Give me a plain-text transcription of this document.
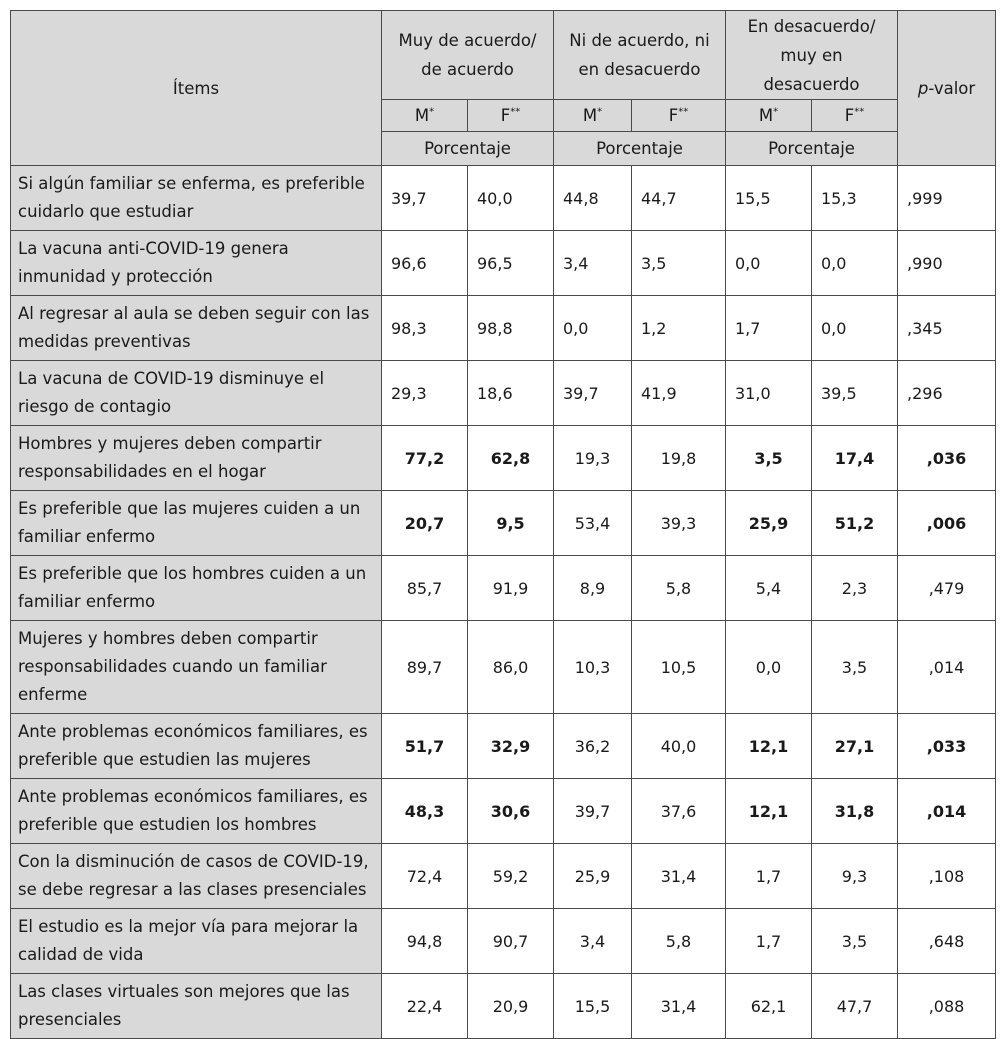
Ítems	Muy de acuerdo/ de acuerdo		Ni de acuerdo, ni en desacuerdo		En desacuerdo/ muy en desacuerdo		p-valor
	M*	F**	M*	F**	M*	F**
	Porcentaje		Porcentaje		Porcentaje		
Si algún familiar se enferma, es preferible cuidarlo que estudiar	39,7	40,0	44,8	44,7	15,5	15,3	,999
La vacuna anti-COVID-19 genera inmunidad y protección	96,6	96,5	3,4	3,5	0,0	0,0	,990
Al regresar al aula se deben seguir con las medidas preventivas	98,3	98,8	0,0	1,2	1,7	0,0	,345
La vacuna de COVID-19 disminuye el riesgo de contagio	29,3	18,6	39,7	41,9	31,0	39,5	,296
Hombres y mujeres deben compartir responsabilidades en el hogar	77,2	62,8	19,3	19,8	3,5	17,4	,036
Es preferible que las mujeres cuiden a un familiar enfermo	20,7	9,5	53,4	39,3	25,9	51,2	,006
Es preferible que los hombres cuiden a un familiar enfermo	85,7	91,9	8,9	5,8	5,4	2,3	,479
Mujeres y hombres deben compartir responsabilidades cuando un familiar enferme	89,7	86,0	10,3	10,5	0,0	3,5	,014
Ante problemas económicos familiares, es preferible que estudien las mujeres	51,7	32,9	36,2	40,0	12,1	27,1	,033
Ante problemas económicos familiares, es preferible que estudien los hombres	48,3	30,6	39,7	37,6	12,1	31,8	,014
Con la disminución de casos de COVID-19, se debe regresar a las clases presenciales	72,4	59,2	25,9	31,4	1,7	9,3	,108
El estudio es la mejor vía para mejorar la calidad de vida	94,8	90,7	3,4	5,8	1,7	3,5	,648
Las clases virtuales son mejores que las presenciales	22,4	20,9	15,5	31,4	62,1	47,7	,088
